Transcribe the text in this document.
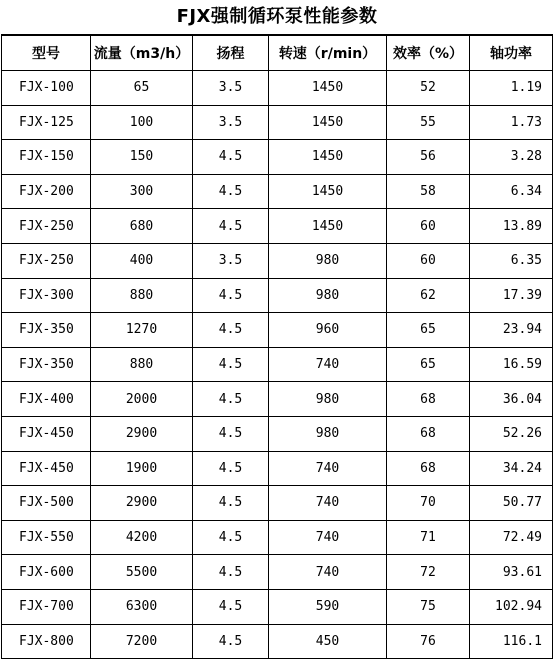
FJX强制循环泵性能参数
型号	流量（m3/h）	扬程	转速（r/min）	效率（%）	轴功率
FJX-100	65	3.5	1450	52	1.19
FJX-125	100	3.5	1450	55	1.73
FJX-150	150	4.5	1450	56	3.28
FJX-200	300	4.5	1450	58	6.34
FJX-250	680	4.5	1450	60	13.89
FJX-250	400	3.5	980	60	6.35
FJX-300	880	4.5	980	62	17.39
FJX-350	1270	4.5	960	65	23.94
FJX-350	880	4.5	740	65	16.59
FJX-400	2000	4.5	980	68	36.04
FJX-450	2900	4.5	980	68	52.26
FJX-450	1900	4.5	740	68	34.24
FJX-500	2900	4.5	740	70	50.77
FJX-550	4200	4.5	740	71	72.49
FJX-600	5500	4.5	740	72	93.61
FJX-700	6300	4.5	590	75	102.94
FJX-800	7200	4.5	450	76	116.1
